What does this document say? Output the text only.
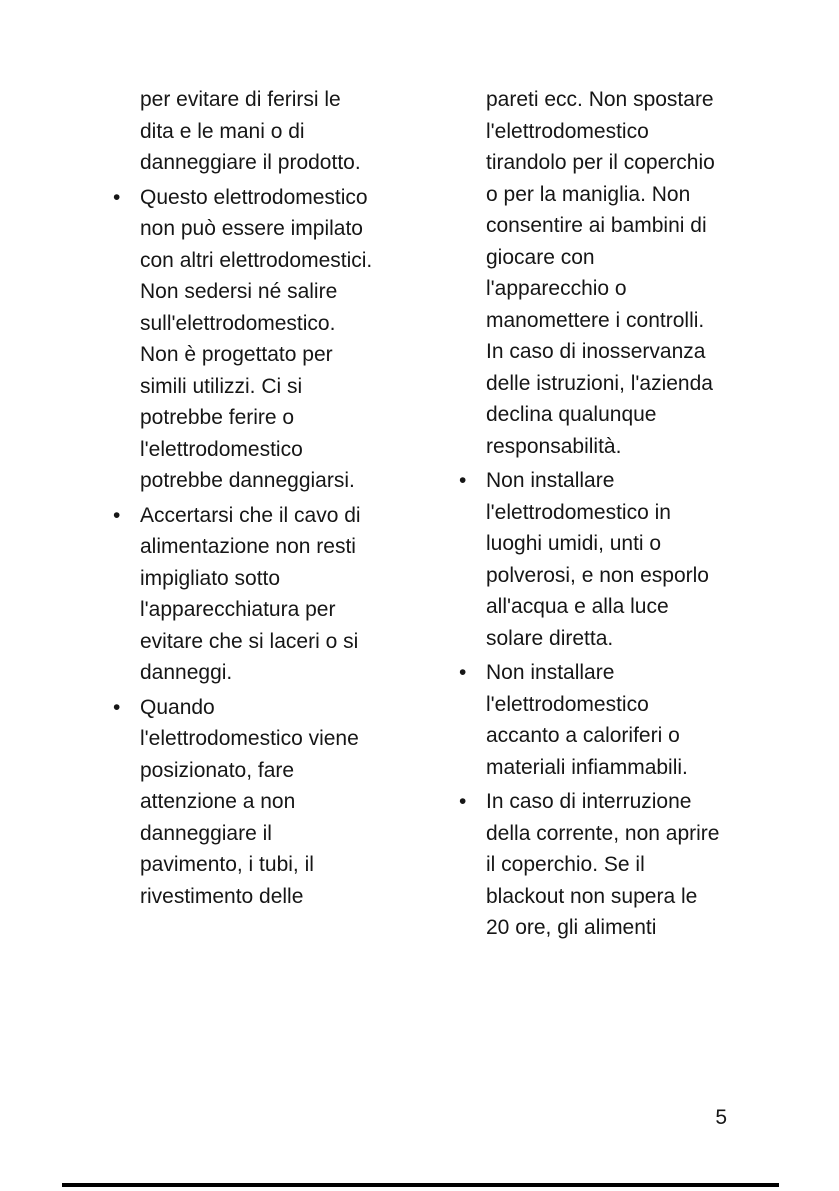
per evitare di ferirsi le dita e le mani o di danneggiare il prodotto.
• Questo elettrodomestico non può essere impilato con altri elettrodomestici. Non sedersi né salire sull'elettrodomestico. Non è progettato per simili utilizzi. Ci si potrebbe ferire o l'elettrodomestico potrebbe danneggiarsi.
• Accertarsi che il cavo di alimentazione non resti impigliato sotto l'apparecchiatura per evitare che si laceri o si danneggi.
• Quando l'elettrodomestico viene posizionato, fare attenzione a non danneggiare il pavimento, i tubi, il rivestimento delle
pareti ecc. Non spostare l'elettrodomestico tirandolo per il coperchio o per la maniglia. Non consentire ai bambini di giocare con l'apparecchio o manomettere i controlli. In caso di inosservanza delle istruzioni, l'azienda declina qualunque responsabilità.
• Non installare l'elettrodomestico in luoghi umidi, unti o polverosi, e non esporlo all'acqua e alla luce solare diretta.
• Non installare l'elettrodomestico accanto a caloriferi o materiali infiammabili.
• In caso di interruzione della corrente, non aprire il coperchio. Se il blackout non supera le 20 ore, gli alimenti
5
